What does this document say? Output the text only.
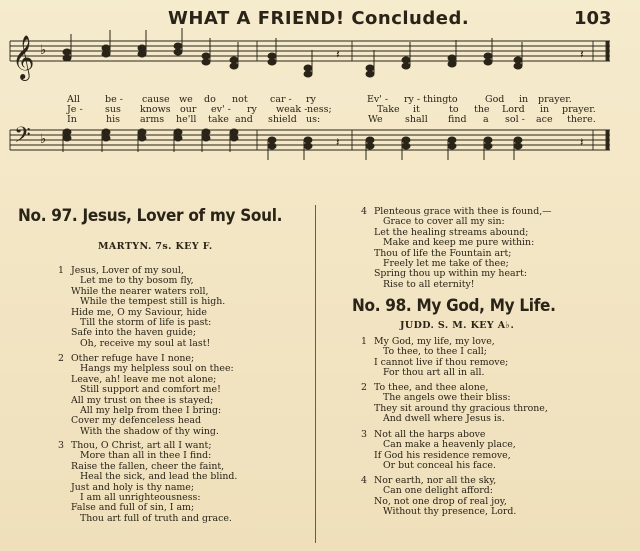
WHAT A FRIEND! Concluded.	103
𝄞
𝄢
♭
♭
𝄽
𝄽
𝄽
𝄽
All	be - cause we do not car - ry	Ev' - ry - thing to	God in prayer.
Je - sus knows our ev' - ry weak - ness;	Take it	to the Lord in prayer.
In	his arms he'll take and shield us:	We shall find a sol - ace there.
No. 97. Jesus, Lover of my Soul.
MARTYN. 7s. KEY F.
1 Jesus, Lover of my soul,
Let me to thy bosom fly,
While the nearer waters roll,
While the tempest still is high.
Hide me, O my Saviour, hide
Till the storm of life is past:
Safe into the haven guide;
Oh, receive my soul at last!
2 Other refuge have I none;
Hangs my helpless soul on thee:
Leave, ah! leave me not alone;
Still support and comfort me!
All my trust on thee is stayed;
All my help from thee I bring:
Cover my defenceless head
With the shadow of thy wing.
3 Thou, O Christ, art all I want;
More than all in thee I find:
Raise the fallen, cheer the faint,
Heal the sick, and lead the blind.
Just and holy is thy name;
I am all unrighteousness:
False and full of sin, I am;
Thou art full of truth and grace.
4 Plenteous grace with thee is found,—
Grace to cover all my sin:
Let the healing streams abound;
Make and keep me pure within:
Thou of life the Fountain art;
Freely let me take of thee;
Spring thou up within my heart:
Rise to all eternity!
No. 98. My God, My Life.
JUDD. S. M. KEY A♭.
1 My God, my life, my love,
To thee, to thee I call;
I cannot live if thou remove;
For thou art all in all.
2 To thee, and thee alone,
The angels owe their bliss:
They sit around thy gracious throne,
And dwell where Jesus is.
3 Not all the harps above
Can make a heavenly place,
If God his residence remove,
Or but conceal his face.
4 Nor earth, nor all the sky,
Can one delight afford:
No, not one drop of real joy,
Without thy presence, Lord.
